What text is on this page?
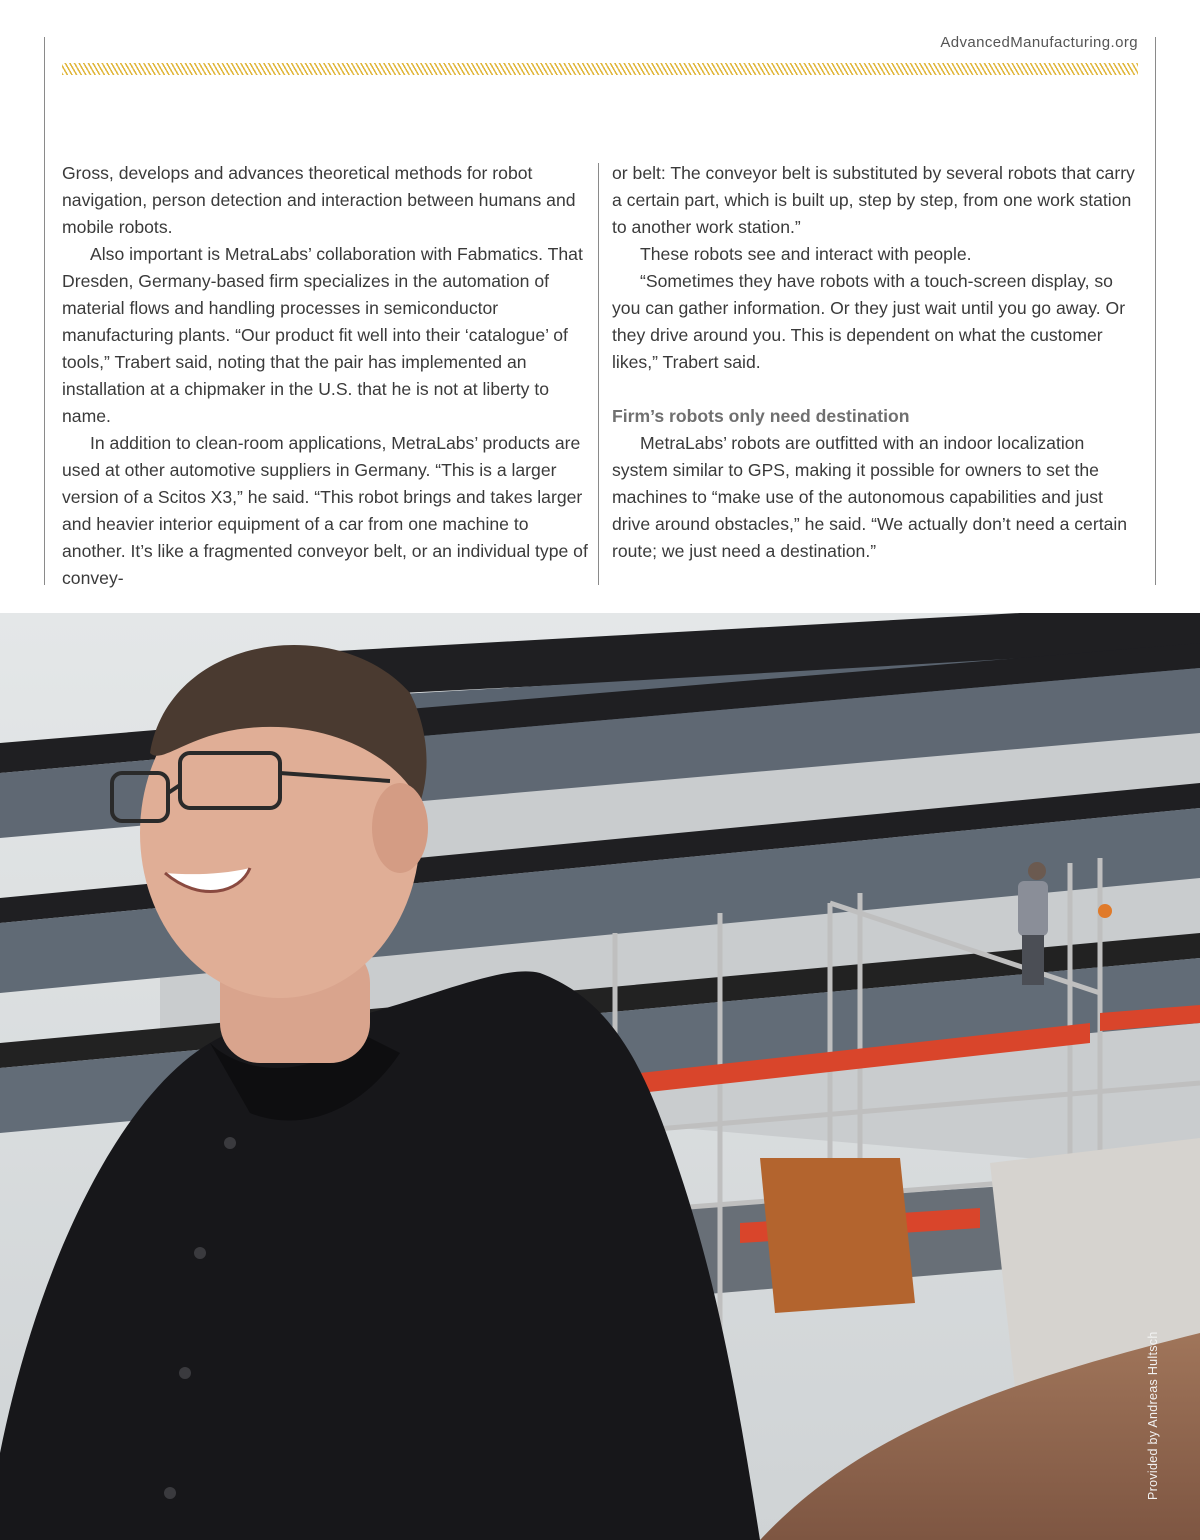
AdvancedManufacturing.org

Gross, develops and advances theoretical methods for robot navigation, person detection and interaction between humans and mobile robots.

Also important is MetraLabs’ collaboration with Fabmatics. That Dresden, Germany-based firm specializes in the automation of material flows and handling processes in semiconductor manufacturing plants. “Our product fit well into their ‘catalogue’ of tools,” Trabert said, noting that the pair has implemented an installation at a chipmaker in the U.S. that he is not at liberty to name.

In addition to clean-room applications, MetraLabs’ products are used at other automotive suppliers in Germany. “This is a larger version of a Scitos X3,” he said. “This robot brings and takes larger and heavier interior equipment of a car from one machine to another. It’s like a fragmented conveyor belt, or an individual type of convey-

or belt: The conveyor belt is substituted by several robots that carry a certain part, which is built up, step by step, from one work station to another work station.”

These robots see and interact with people.

“Sometimes they have robots with a touch-screen display, so you can gather information. Or they just wait until you go away. Or they drive around you. This is dependent on what the customer likes,” Trabert said.

Firm’s robots only need destination

MetraLabs’ robots are outfitted with an indoor localization system similar to GPS, making it possible for owners to set the machines to “make use of the autonomous capabilities and just drive around obstacles,” he said. “We actually don’t need a certain route; we just need a destination.”

Provided by Andreas Hultsch
